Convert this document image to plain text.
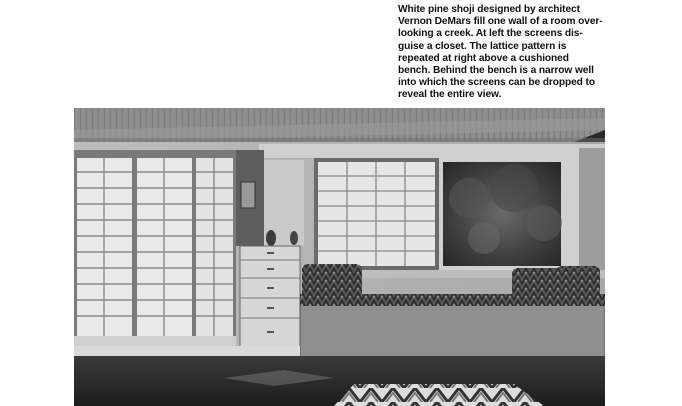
White pine shoji designed by architect
Vernon DeMars fill one wall of a room over-
looking a creek. At left the screens dis-
guise a closet. The lattice pattern is
repeated at right above a cushioned
bench. Behind the bench is a narrow well
into which the screens can be dropped to
reveal the entire view.
